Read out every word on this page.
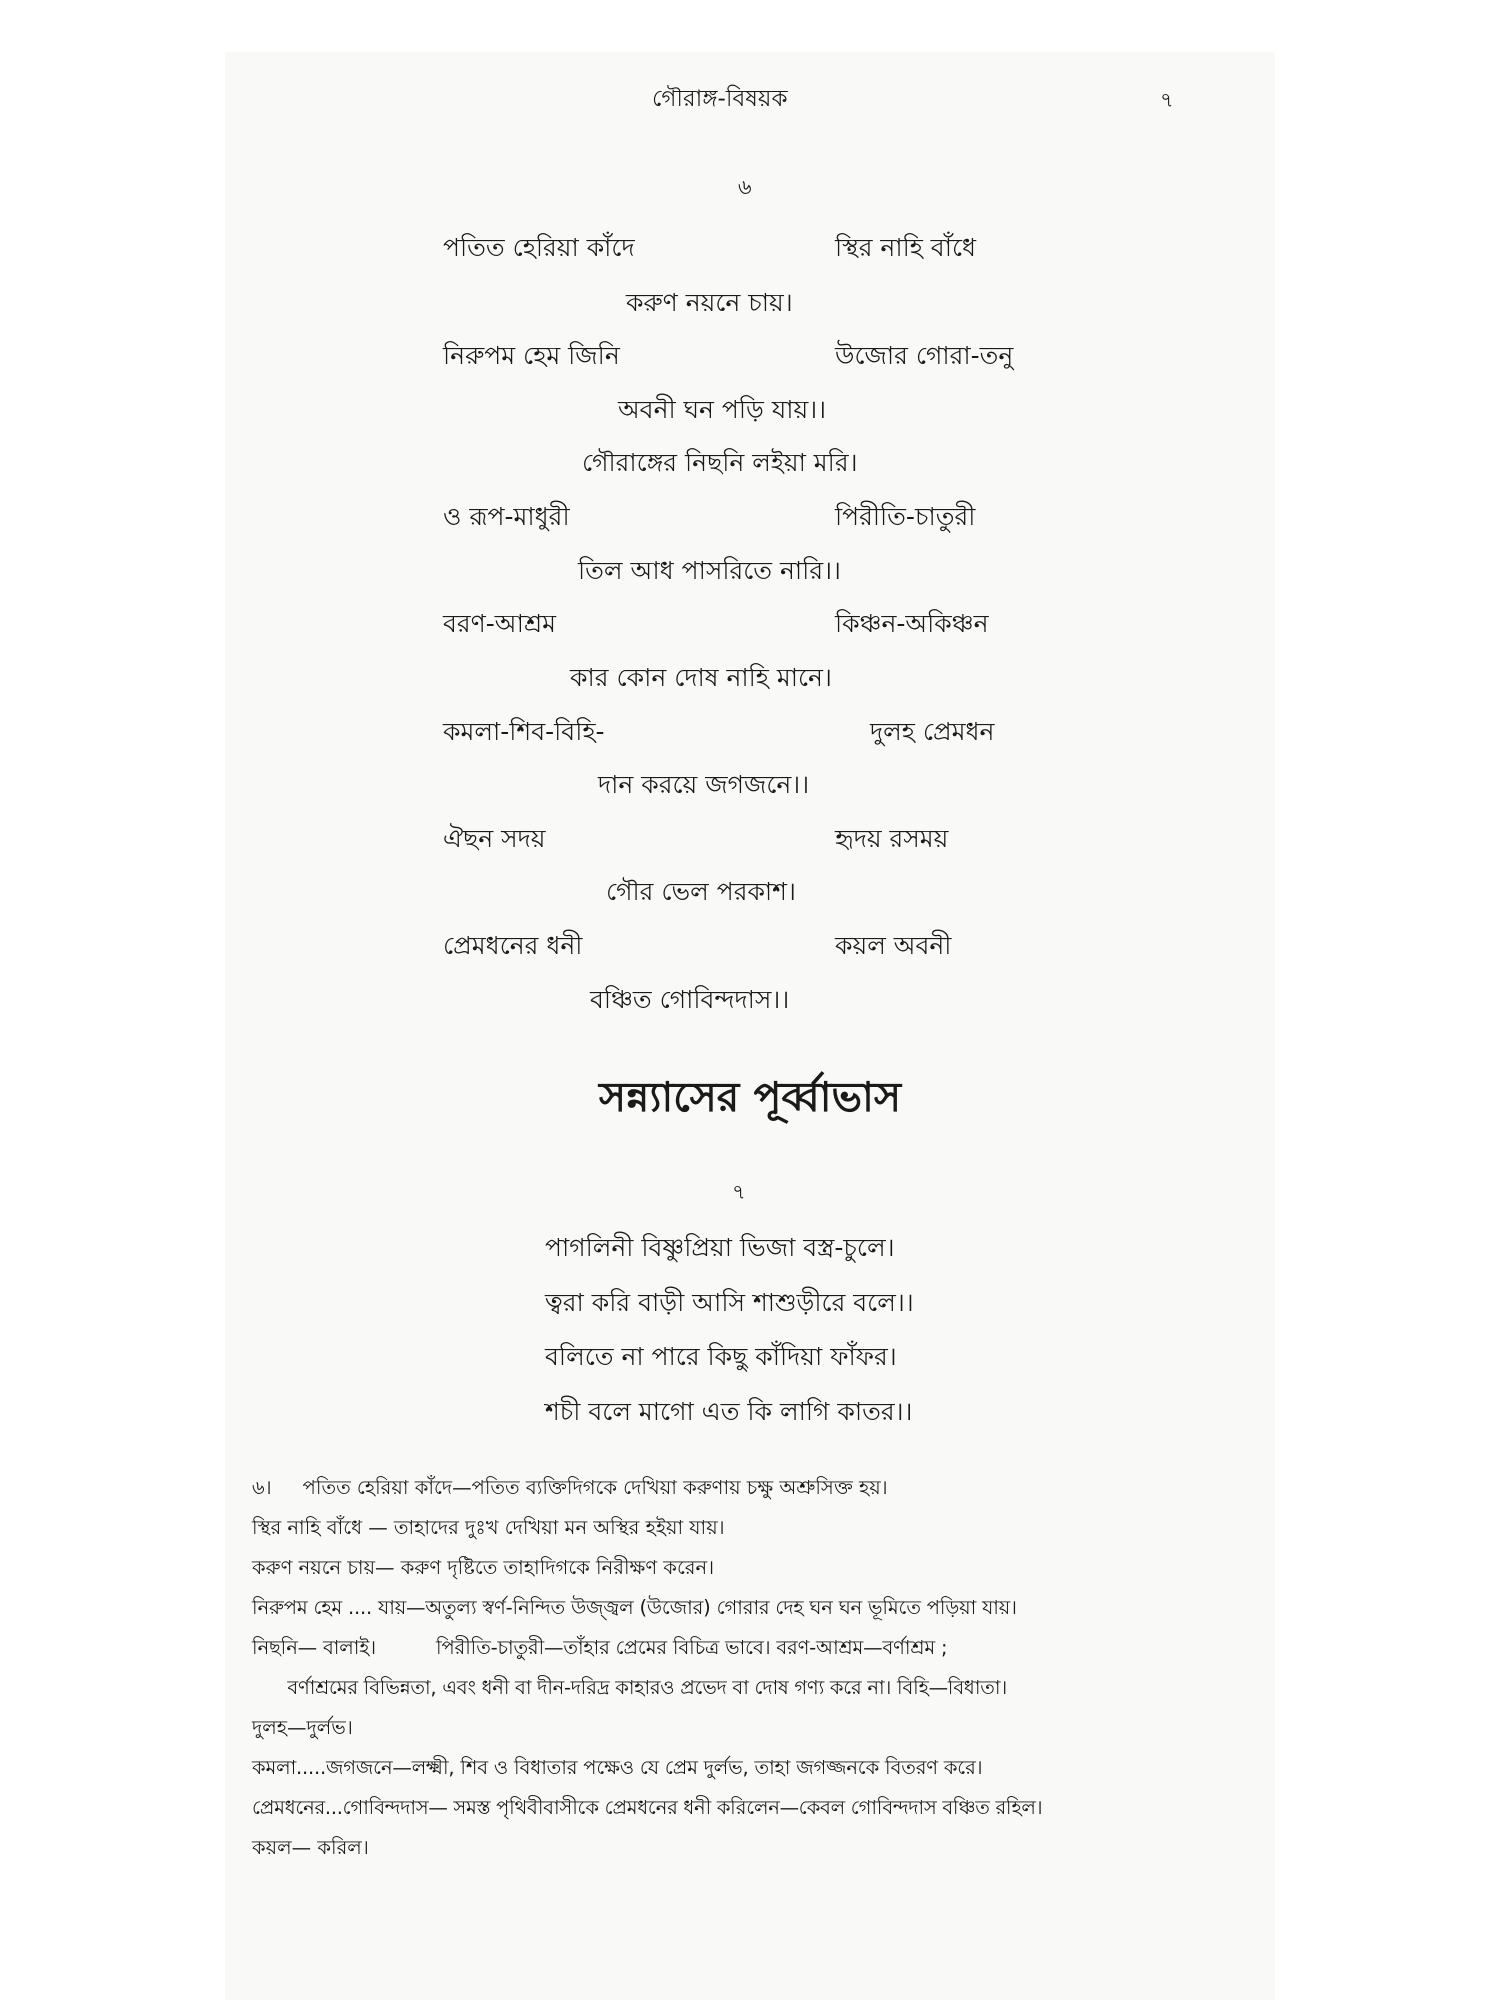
গৌরাঙ্গ-বিষয়ক	৭
৬
পতিত হেরিয়া কাঁদে	স্থির নাহি বাঁধে
করুণ নয়নে চায়।
নিরুপম হেম জিনি	উজোর গোরা-তনু
অবনী ঘন পড়ি যায়।।
গৌরাঙ্গের নিছনি লইয়া মরি।
ও রূপ-মাধুরী	পিরীতি-চাতুরী
তিল আধ পাসরিতে নারি।।
বরণ-আশ্রম	কিঞ্চন-অকিঞ্চন
কার কোন দোষ নাহি মানে।
কমলা-শিব-বিহি-	দুলহ প্রেমধন
দান করয়ে জগজনে।।
ঐছন সদয়	হৃদয় রসময়
গৌর ভেল পরকাশ।
প্রেমধনের ধনী	কয়ল অবনী
বঞ্চিত গোবিন্দদাস।।
সন্ন্যাসের পূর্ব্বাভাস
৭
পাগলিনী বিষ্ণুপ্রিয়া ভিজা বস্ত্র-চুলে।
ত্বরা করি বাড়ী আসি শাশুড়ীরে বলে।।
বলিতে না পারে কিছু কাঁদিয়া ফাঁফর।
শচী বলে মাগো এত কি লাগি কাতর।।
৬।     পতিত হেরিয়া কাঁদে—পতিত ব্যক্তিদিগকে দেখিয়া করুণায় চক্ষু অশ্রুসিক্ত হয়।
স্থির নাহি বাঁধে — তাহাদের দুঃখ দেখিয়া মন অস্থির হইয়া যায়।
করুণ নয়নে চায়— করুণ দৃষ্টিতে তাহাদিগকে নিরীক্ষণ করেন।
নিরুপম হেম .... যায়—অতুল্য স্বর্ণ-নিন্দিত উজ্জ্বল (উজোর) গোরার দেহ ঘন ঘন ভূমিতে পড়িয়া যায়।
নিছনি— বালাই।          পিরীতি-চাতুরী—তাঁহার প্রেমের বিচিত্র ভাবে। বরণ-আশ্রম—বর্ণাশ্রম ;
বর্ণাশ্রমের বিভিন্নতা, এবং ধনী বা দীন-দরিদ্র কাহারও প্রভেদ বা দোষ গণ্য করে না। বিহি—বিধাতা।
দুলহ—দুর্লভ।
কমলা.....জগজনে—লক্ষ্মী, শিব ও বিধাতার পক্ষেও যে প্রেম দুর্লভ, তাহা জগজ্জনকে বিতরণ করে।
প্রেমধনের...গোবিন্দদাস— সমস্ত পৃথিবীবাসীকে প্রেমধনের ধনী করিলেন—কেবল গোবিন্দদাস বঞ্চিত রহিল।
কয়ল— করিল।
